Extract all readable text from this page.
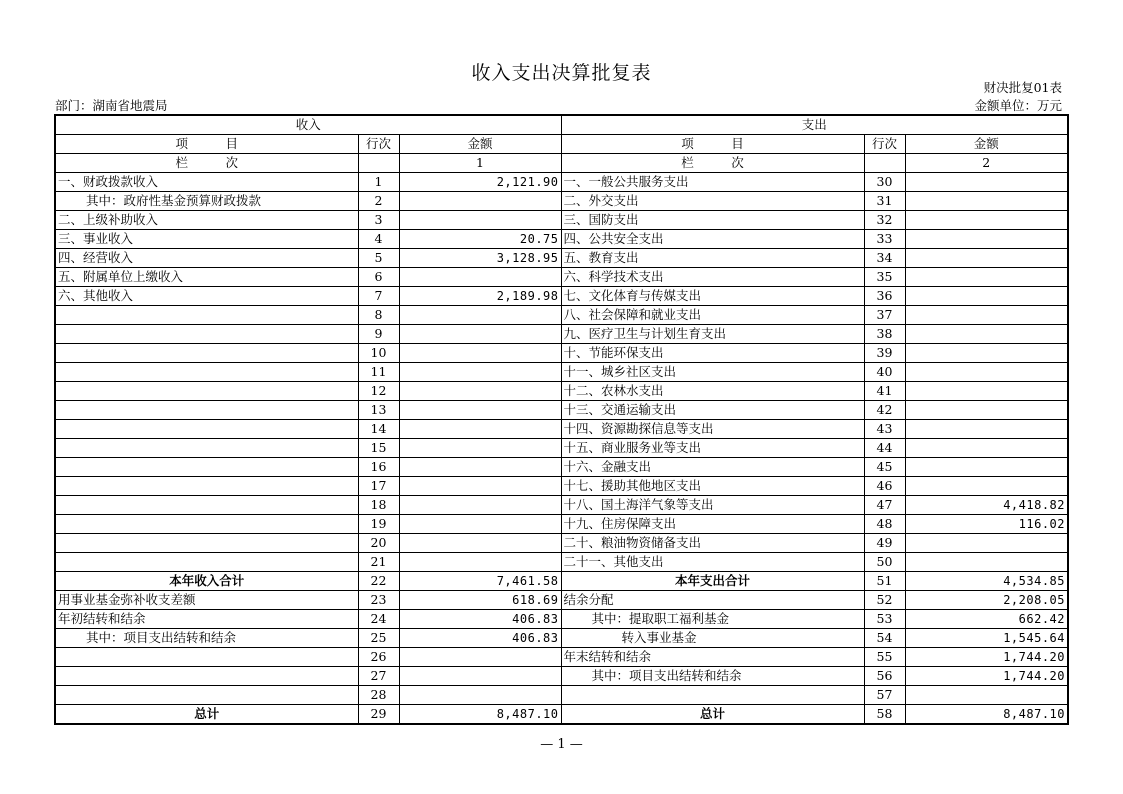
收入支出决算批复表
财决批复01表
部门：湖南省地震局	金额单位：万元
收入			支出		
项　　　目	行次	金额	项　　　目	行次	金额
栏　　　次		1	栏　　　次		2
一、财政拨款收入	1	2,121.90	一、一般公共服务支出	30	
其中：政府性基金预算财政拨款	2		二、外交支出	31	
二、上级补助收入	3		三、国防支出	32	
三、事业收入	4	20.75	四、公共安全支出	33	
四、经营收入	5	3,128.95	五、教育支出	34	
五、附属单位上缴收入	6		六、科学技术支出	35	
六、其他收入	7	2,189.98	七、文化体育与传媒支出	36	
	8		八、社会保障和就业支出	37	
	9		九、医疗卫生与计划生育支出	38	
	10		十、节能环保支出	39	
	11		十一、城乡社区支出	40	
	12		十二、农林水支出	41	
	13		十三、交通运输支出	42	
	14		十四、资源勘探信息等支出	43	
	15		十五、商业服务业等支出	44	
	16		十六、金融支出	45	
	17		十七、援助其他地区支出	46	
	18		十八、国土海洋气象等支出	47	4,418.82
	19		十九、住房保障支出	48	116.02
	20		二十、粮油物资储备支出	49	
	21		二十一、其他支出	50	
本年收入合计	22	7,461.58	本年支出合计	51	4,534.85
用事业基金弥补收支差额	23	618.69	结余分配	52	2,208.05
年初结转和结余	24	406.83	其中：提取职工福利基金	53	662.42
其中：项目支出结转和结余	25	406.83	转入事业基金	54	1,545.64
	26		年末结转和结余	55	1,744.20
	27		其中：项目支出结转和结余	56	1,744.20
	28			57	
总计	29	8,487.10	总计	58	8,487.10
— 1 —
